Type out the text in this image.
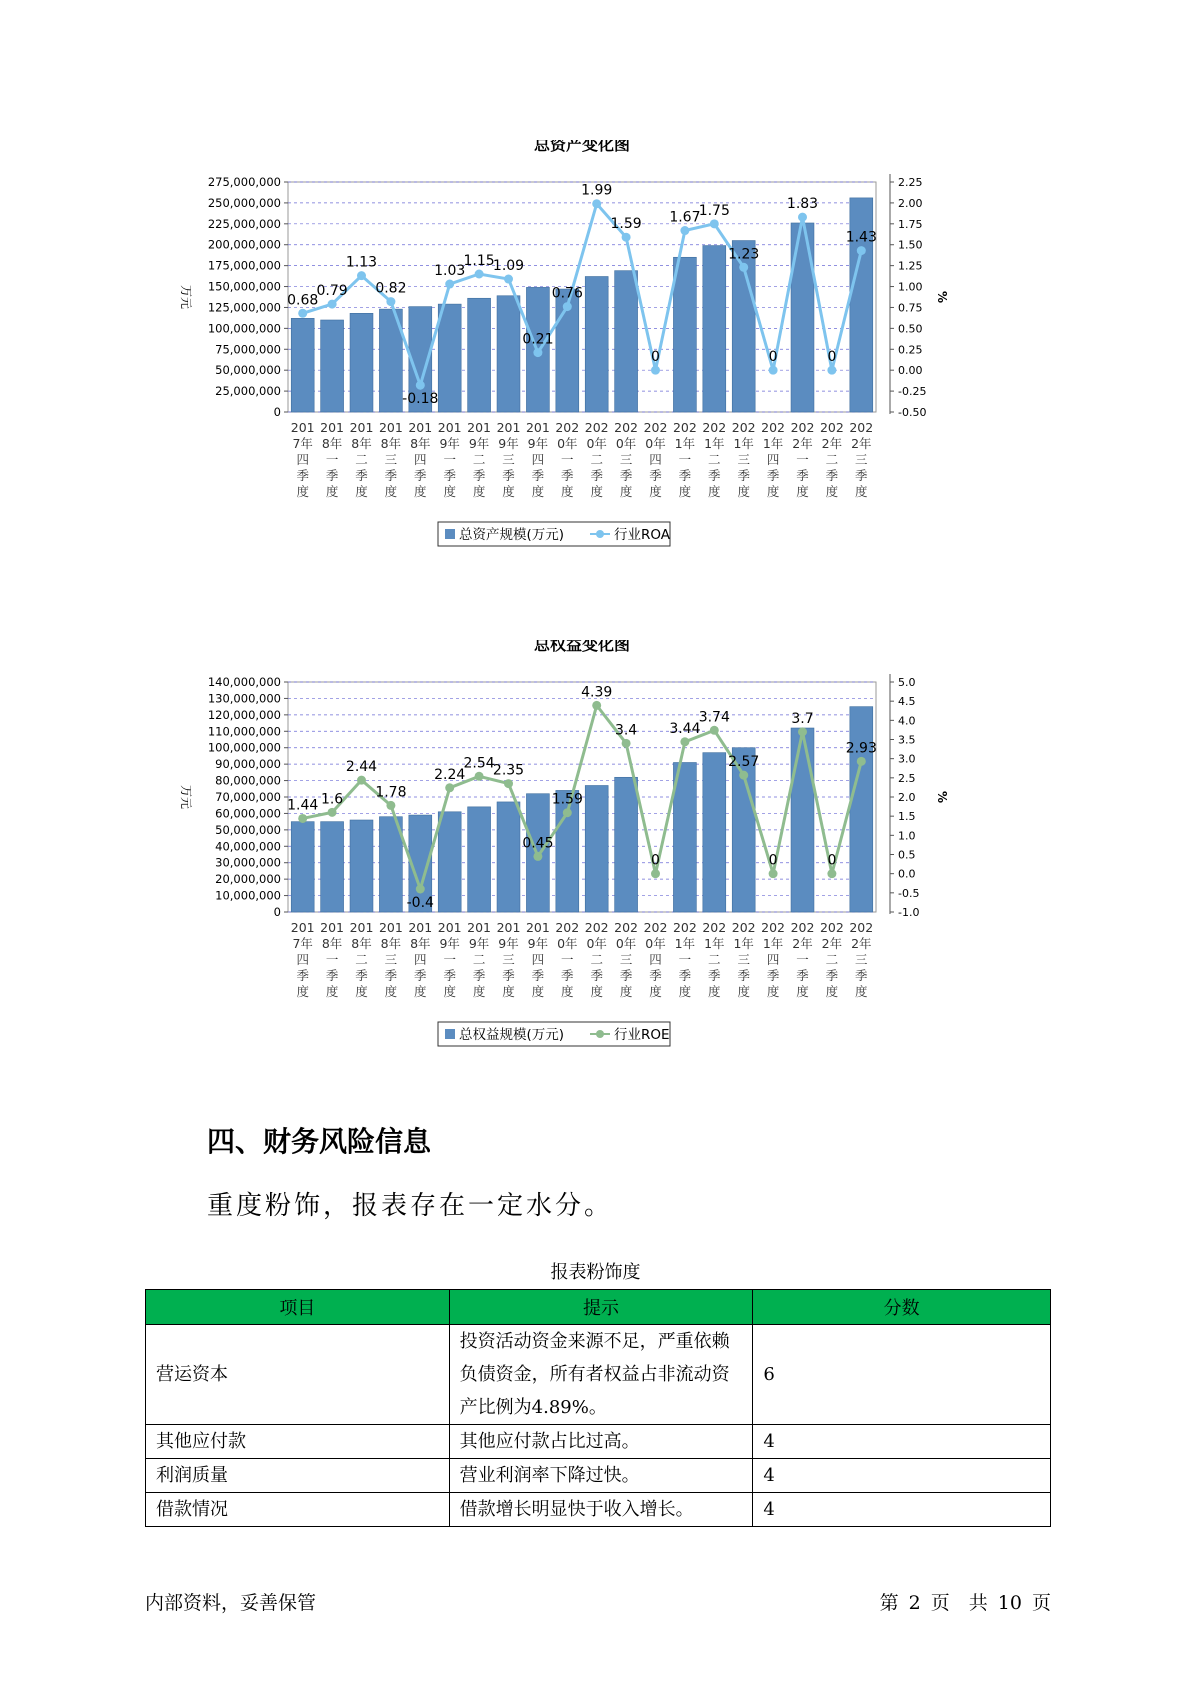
总资产变化图
0
25,000,000
50,000,000
75,000,000
100,000,000
125,000,000
150,000,000
175,000,000
200,000,000
225,000,000
250,000,000
275,000,000
-0.50
-0.25
0.00
0.25
0.50
0.75
1.00
1.25
1.50
1.75
2.00
2.25
万元	%
0.68
0.79
1.13
0.82
-0.18
1.03
1.15
1.09
0.21
0.76
1.99
1.59
0
1.67
1.75
1.23
0
1.83
0
1.43
201
7年
四
季
度
201
8年
一
季
度
201
8年
二
季
度
201
8年
三
季
度
201
8年
四
季
度
201
9年
一
季
度
201
9年
二
季
度
201
9年
三
季
度
201
9年
四
季
度
202
0年
一
季
度
202
0年
二
季
度
202
0年
三
季
度
202
0年
四
季
度
202
1年
一
季
度
202
1年
二
季
度
202
1年
三
季
度
202
1年
四
季
度
202
2年
一
季
度
202
2年
二
季
度
202
2年
三
季
度
总资产规模(万元)	行业ROA
总权益变化图
0
10,000,000
20,000,000
30,000,000
40,000,000
50,000,000
60,000,000
70,000,000
80,000,000
90,000,000
100,000,000
110,000,000
120,000,000
130,000,000
140,000,000
-1.0
-0.5
0.0
0.5
1.0
1.5
2.0
2.5
3.0
3.5
4.0
4.5
5.0
万元	%
1.44 1.6
2.44
1.78
-0.4
2.24
2.54
2.35
0.45
1.59
4.39
3.4
0
3.44
3.74
2.57
0
3.7
0
2.93
201
7年
四
季
度
201
8年
一
季
度
201
8年
二
季
度
201
8年
三
季
度
201
8年
四
季
度
201
9年
一
季
度
201
9年
二
季
度
201
9年
三
季
度
201
9年
四
季
度
202
0年
一
季
度
202
0年
二
季
度
202
0年
三
季
度
202
0年
四
季
度
202
1年
一
季
度
202
1年
二
季
度
202
1年
三
季
度
202
1年
四
季
度
202
2年
一
季
度
202
2年
二
季
度
202
2年
三
季
度
总权益规模(万元)	行业ROE
四、财务风险信息
重度粉饰，报表存在一定水分。
报表粉饰度
项目	提示	分数
营运资本	投资活动资金来源不足，严重依赖负债资金，所有者权益占非流动资产比例为4.89%。	6
其他应付款	其他应付款占比过高。	4
利润质量	营业利润率下降过快。	4
借款情况	借款增长明显快于收入增长。	4
内部资料，妥善保管	第 2 页　共 10 页
